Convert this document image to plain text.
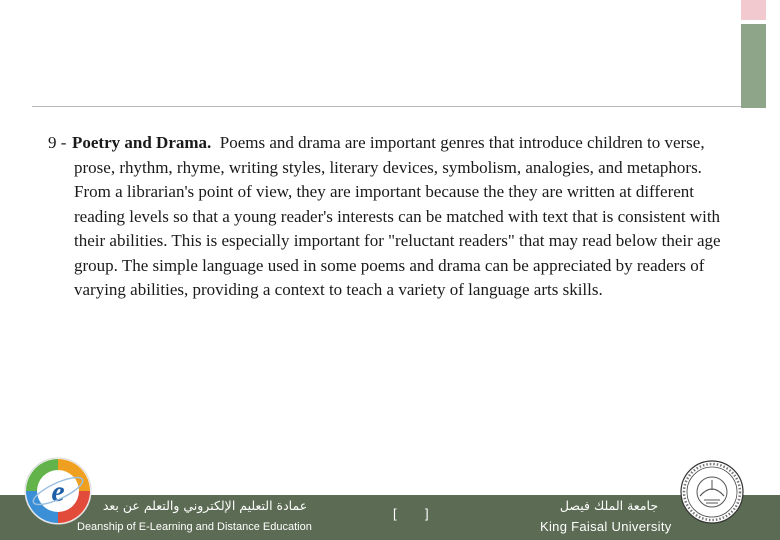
9 - Poetry and Drama. Poems and drama are important genres that introduce children to verse, prose, rhythm, rhyme, writing styles, literary devices, symbolism, analogies, and metaphors. From a librarian's point of view, they are important because the they are written at different reading levels so that a young reader's interests can be matched with text that is consistent with their abilities. This is especially important for "reluctant readers" that may read below their age group. The simple language used in some poems and drama can be appreciated by readers of varying abilities, providing a context to teach a variety of language arts skills.
عمادة التعليم الإلكتروني والتعلم عن بعد
Deanship of E-Learning and Distance Education
[ ]
جامعة الملك فيصل
King Faisal University
e
